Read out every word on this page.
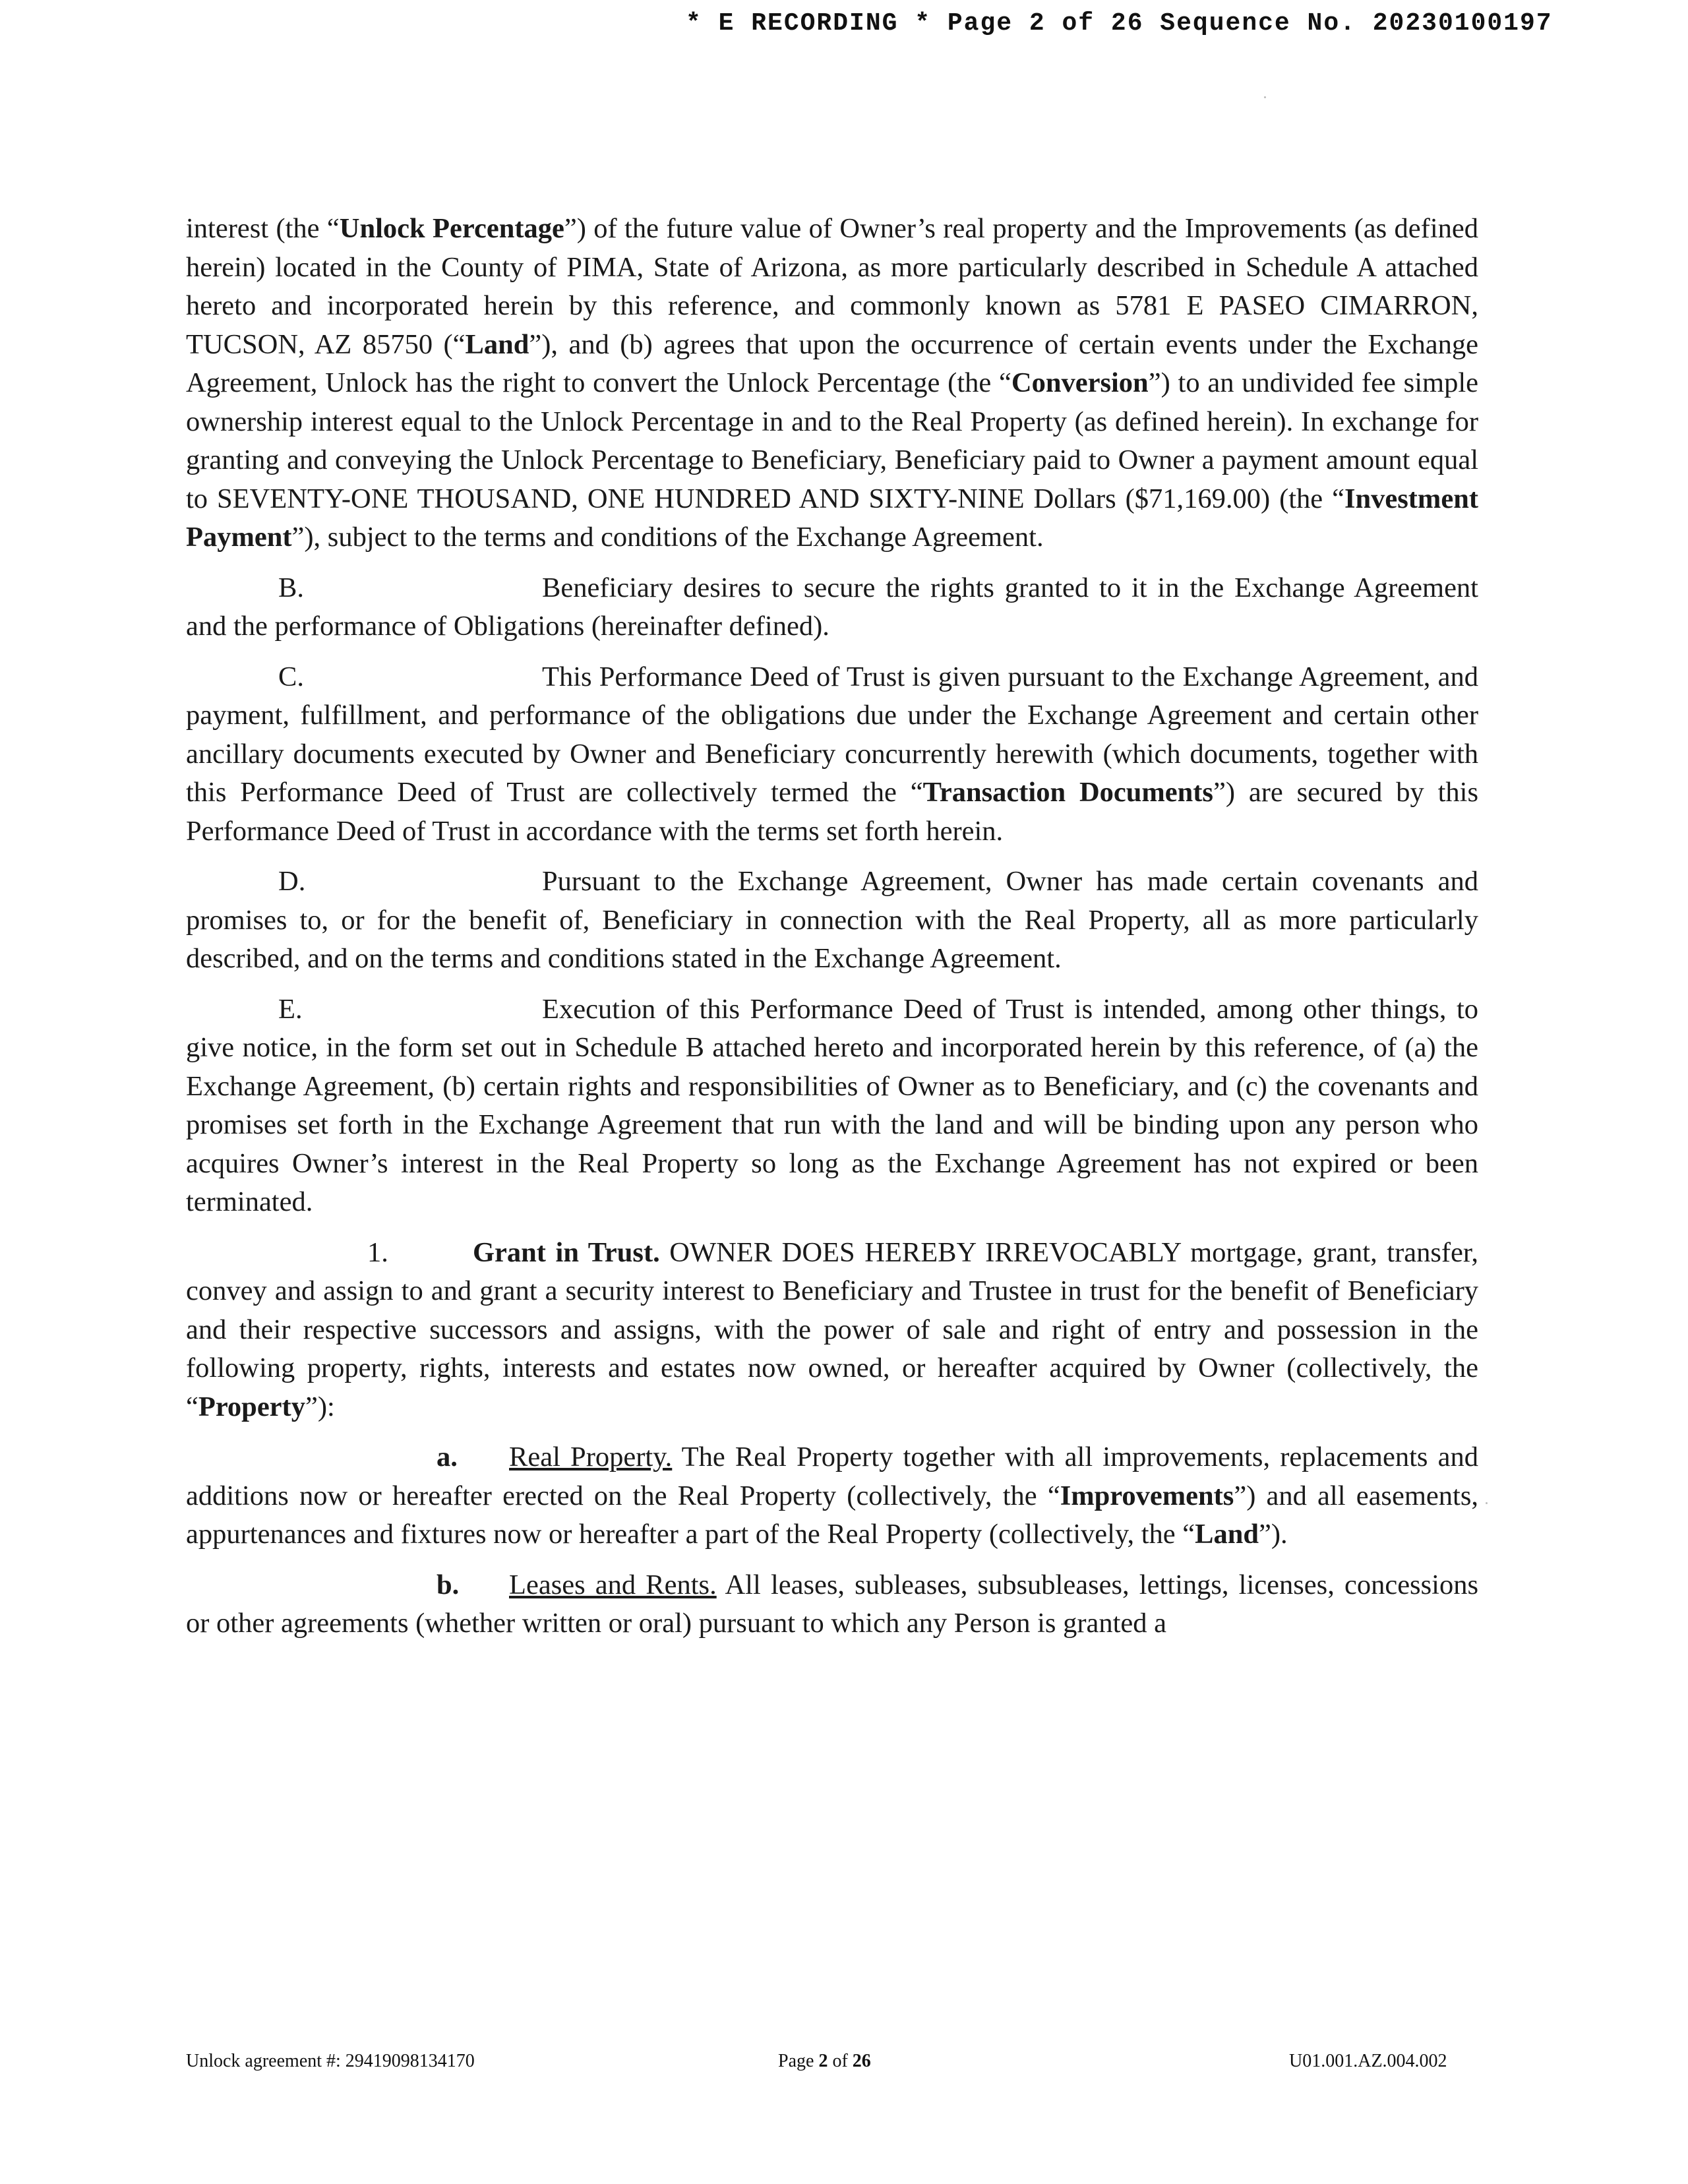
* E RECORDING * Page 2 of 26 Sequence No. 20230100197

interest (the “Unlock Percentage”) of the future value of Owner’s real property and the Improvements (as defined herein) located in the County of PIMA, State of Arizona, as more particularly described in Schedule A attached hereto and incorporated herein by this reference, and commonly known as 5781 E PASEO CIMARRON, TUCSON, AZ 85750 (“Land”), and (b) agrees that upon the occurrence of certain events under the Exchange Agreement, Unlock has the right to convert the Unlock Percentage (the “Conversion”) to an undivided fee simple ownership interest equal to the Unlock Percentage in and to the Real Property (as defined herein). In exchange for granting and conveying the Unlock Percentage to Beneficiary, Beneficiary paid to Owner a payment amount equal to SEVENTY-ONE THOUSAND, ONE HUNDRED AND SIXTY-NINE Dollars ($71,169.00) (the “Investment Payment”), subject to the terms and conditions of the Exchange Agreement.

B.	Beneficiary desires to secure the rights granted to it in the Exchange Agreement and the performance of Obligations (hereinafter defined).

C.	This Performance Deed of Trust is given pursuant to the Exchange Agreement, and payment, fulfillment, and performance of the obligations due under the Exchange Agreement and certain other ancillary documents executed by Owner and Beneficiary concurrently herewith (which documents, together with this Performance Deed of Trust are collectively termed the “Transaction Documents”) are secured by this Performance Deed of Trust in accordance with the terms set forth herein.

D.	Pursuant to the Exchange Agreement, Owner has made certain covenants and promises to, or for the benefit of, Beneficiary in connection with the Real Property, all as more particularly described, and on the terms and conditions stated in the Exchange Agreement.

E.	Execution of this Performance Deed of Trust is intended, among other things, to give notice, in the form set out in Schedule B attached hereto and incorporated herein by this reference, of (a) the Exchange Agreement, (b) certain rights and responsibilities of Owner as to Beneficiary, and (c) the covenants and promises set forth in the Exchange Agreement that run with the land and will be binding upon any person who acquires Owner’s interest in the Real Property so long as the Exchange Agreement has not expired or been terminated.

1.	Grant in Trust. OWNER DOES HEREBY IRREVOCABLY mortgage, grant, transfer, convey and assign to and grant a security interest to Beneficiary and Trustee in trust for the benefit of Beneficiary and their respective successors and assigns, with the power of sale and right of entry and possession in the following property, rights, interests and estates now owned, or hereafter acquired by Owner (collectively, the “Property”):

a. Real Property. The Real Property together with all improvements, replacements and additions now or hereafter erected on the Real Property (collectively, the “Improvements”) and all easements, appurtenances and fixtures now or hereafter a part of the Real Property (collectively, the “Land”).

b. Leases and Rents. All leases, subleases, subsubleases, lettings, licenses, concessions or other agreements (whether written or oral) pursuant to which any Person is granted a

Unlock agreement #: 29419098134170	Page 2 of 26	U01.001.AZ.004.002
